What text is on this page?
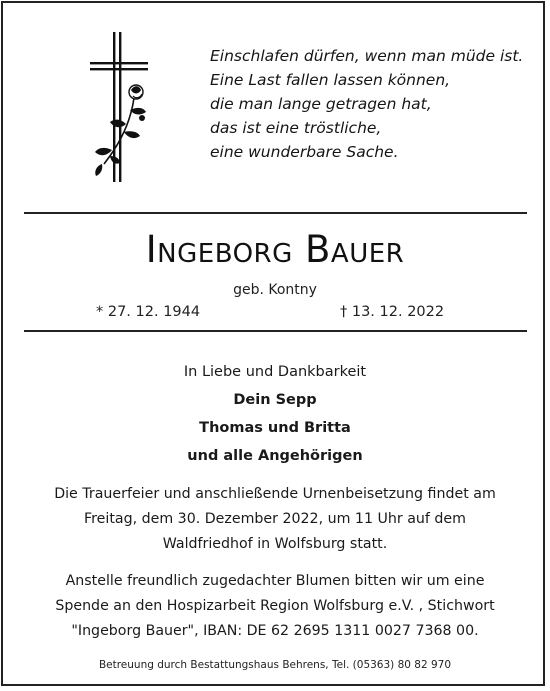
Einschlafen dürfen, wenn man müde ist.
Eine Last fallen lassen können,
die man lange getragen hat,
das ist eine tröstliche,
eine wunderbare Sache.
Ingeborg Bauer
geb. Kontny
* 27. 12. 1944	† 13. 12. 2022
In Liebe und Dankbarkeit
Dein Sepp
Thomas und Britta
und alle Angehörigen
Die Trauerfeier und anschließende Urnenbeisetzung findet am
Freitag, dem 30. Dezember 2022, um 11 Uhr auf dem
Waldfriedhof in Wolfsburg statt.
Anstelle freundlich zugedachter Blumen bitten wir um eine
Spende an den Hospizarbeit Region Wolfsburg e.V. , Stichwort
"Ingeborg Bauer", IBAN: DE 62 2695 1311 0027 7368 00.
Betreuung durch Bestattungshaus Behrens, Tel. (05363) 80 82 970
